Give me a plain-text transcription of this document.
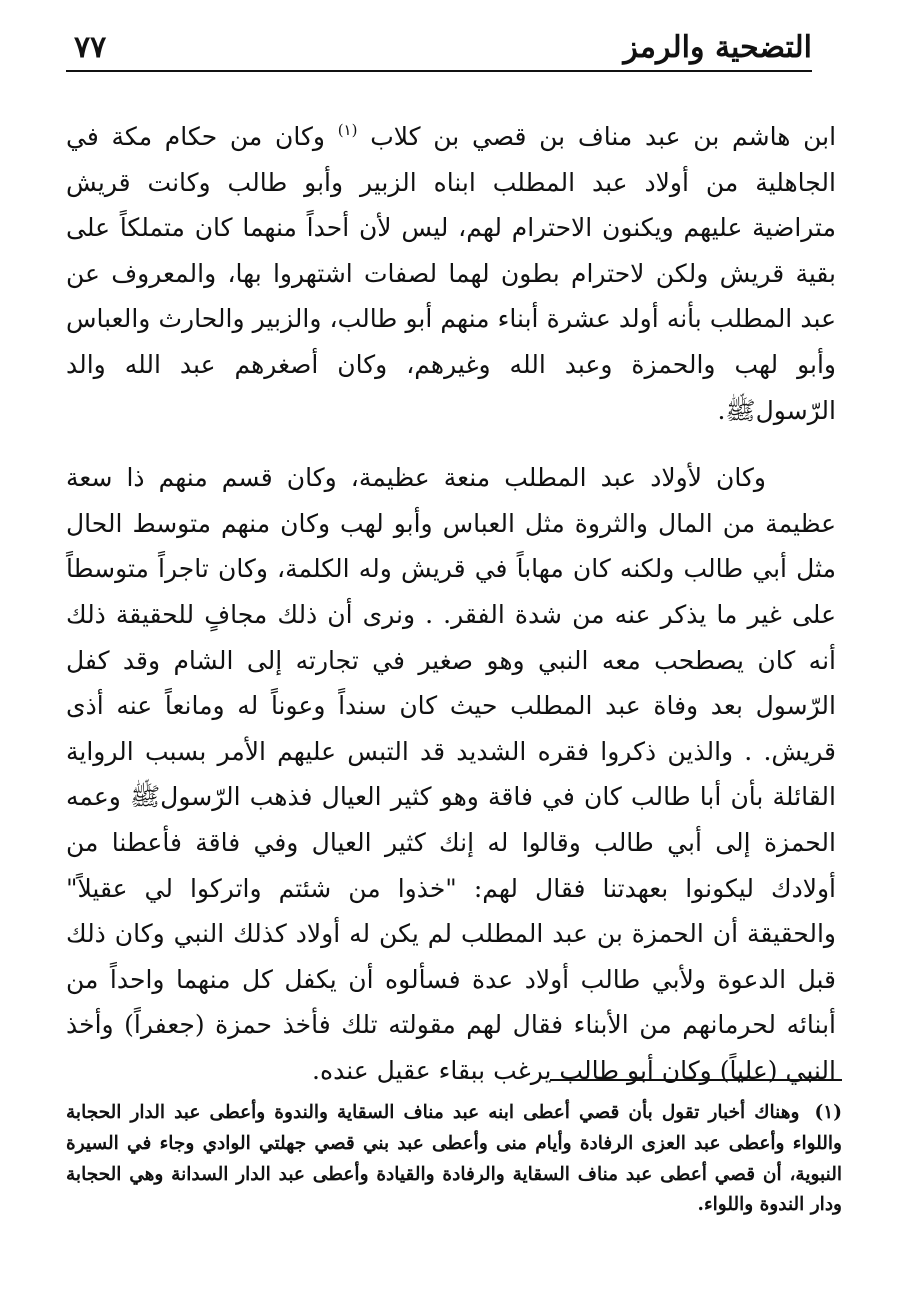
التضحية والرمز
٧٧

ابن هاشم بن عبد مناف بن قصي بن كلاب $^{(١)}$ وكان من حكام مكة في الجاهلية من أولاد عبد المطلب ابناه الزبير وأبو طالب وكانت قريش متراضية عليهم ويكنون الاحترام لهم، ليس لأن أحداً منهما كان متملكاً على بقية قريش ولكن لاحترام بطون لهما لصفات اشتهروا بها، والمعروف عن عبد المطلب بأنه أولد عشرة أبناء منهم أبو طالب، والزبير والحارث والعباس وأبو لهب والحمزة وعبد الله وغيرهم، وكان أصغرهم عبد الله والد الرّسولﷺ.

وكان لأولاد عبد المطلب منعة عظيمة، وكان قسم منهم ذا سعة عظيمة من المال والثروة مثل العباس وأبو لهب وكان منهم متوسط الحال مثل أبي طالب ولكنه كان مهاباً في قريش وله الكلمة، وكان تاجراً متوسطاً على غير ما يذكر عنه من شدة الفقر. . ونرى أن ذلك مجافٍ للحقيقة ذلك أنه كان يصطحب معه النبي وهو صغير في تجارته إلى الشام وقد كفل الرّسول بعد وفاة عبد المطلب حيث كان سنداً وعوناً له ومانعاً عنه أذى قريش. . والذين ذكروا فقره الشديد قد التبس عليهم الأمر بسبب الرواية القائلة بأن أبا طالب كان في فاقة وهو كثير العيال فذهب الرّسولﷺ وعمه الحمزة إلى أبي طالب وقالوا له إنك كثير العيال وفي فاقة فأعطنا من أولادك ليكونوا بعهدتنا فقال لهم: "خذوا من شئتم واتركوا لي عقيلاً" والحقيقة أن الحمزة بن عبد المطلب لم يكن له أولاد كذلك النبي وكان ذلك قبل الدعوة ولأبي طالب أولاد عدة فسألوه أن يكفل كل منهما واحداً من أبنائه لحرمانهم من الأبناء فقال لهم مقولته تلك فأخذ حمزة (جعفراً) وأخذ النبي (علياً) وكان أبو طالب يرغب ببقاء عقيل عنده.

(١) وهناك أخبار تقول بأن قصي أعطى ابنه عبد مناف السقاية والندوة وأعطى عبد الدار الحجابة واللواء وأعطى عبد العزى الرفادة وأيام منى وأعطى عبد بني قصي جهلتي الوادي وجاء في السيرة النبوية، أن قصي أعطى عبد مناف السقاية والرفادة والقيادة وأعطى عبد الدار السدانة وهي الحجابة ودار الندوة واللواء.
